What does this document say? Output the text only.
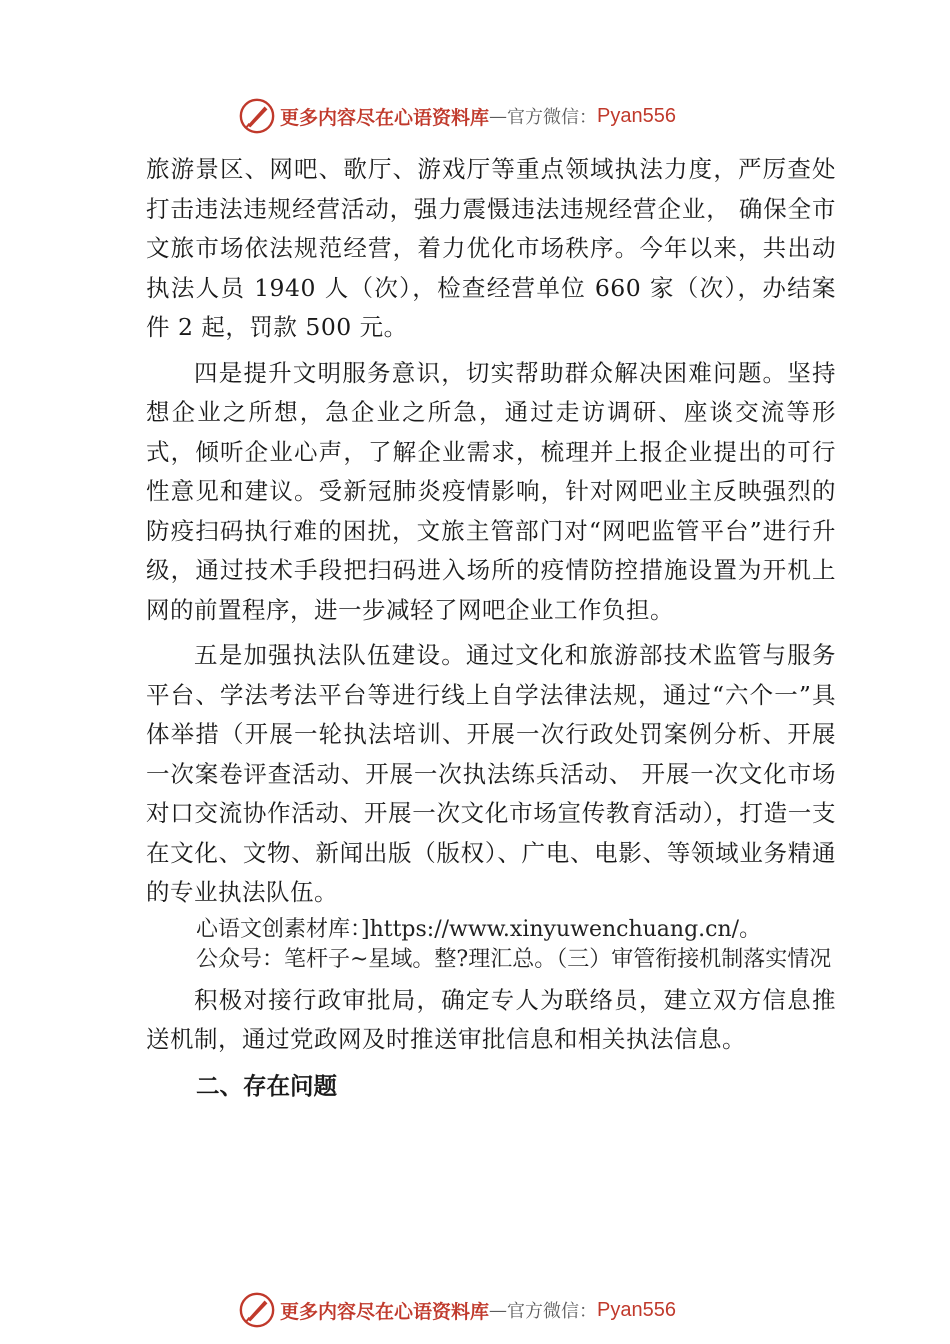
更多内容尽在心语资料库 — 官方微信： Pyan556

旅游景区、网吧、歌厅、游戏厅等重点领域执法力度，严厉查处打击违法违规经营活动，强力震慑违法违规经营企业， 确保全市文旅市场依法规范经营，着力优化市场秩序。今年以来，共出动执法人员 1940 人（次），检查经营单位 660 家（次），办结案件 2 起，罚款 500 元。

四是提升文明服务意识，切实帮助群众解决困难问题。坚持想企业之所想，急企业之所急，通过走访调研、座谈交流等形式，倾听企业心声，了解企业需求，梳理并上报企业提出的可行性意见和建议。受新冠肺炎疫情影响，针对网吧业主反映强烈的防疫扫码执行难的困扰，文旅主管部门对“网吧监管平台”进行升级，通过技术手段把扫码进入场所的疫情防控措施设置为开机上网的前置程序，进一步减轻了网吧企业工作负担。

五是加强执法队伍建设。通过文化和旅游部技术监管与服务平台、学法考法平台等进行线上自学法律法规，通过“六个一”具体举措（开展一轮执法培训、开展一次行政处罚案例分析、开展一次案卷评查活动、开展一次执法练兵活动、 开展一次文化市场对口交流协作活动、开展一次文化市场宣传教育活动），打造一支在文化、文物、新闻出版（版权）、广电、电影、等领域业务精通的专业执法队伍。

心语文创素材库：]https://www.xinyuwenchuang.cn/。
公众号：笔杆子~星域。整?理汇总。（三）审管衔接机制落实情况

积极对接行政审批局，确定专人为联络员，建立双方信息推送机制，通过党政网及时推送审批信息和相关执法信息。

二、存在问题
更多内容尽在心语资料库 — 官方微信： Pyan556
